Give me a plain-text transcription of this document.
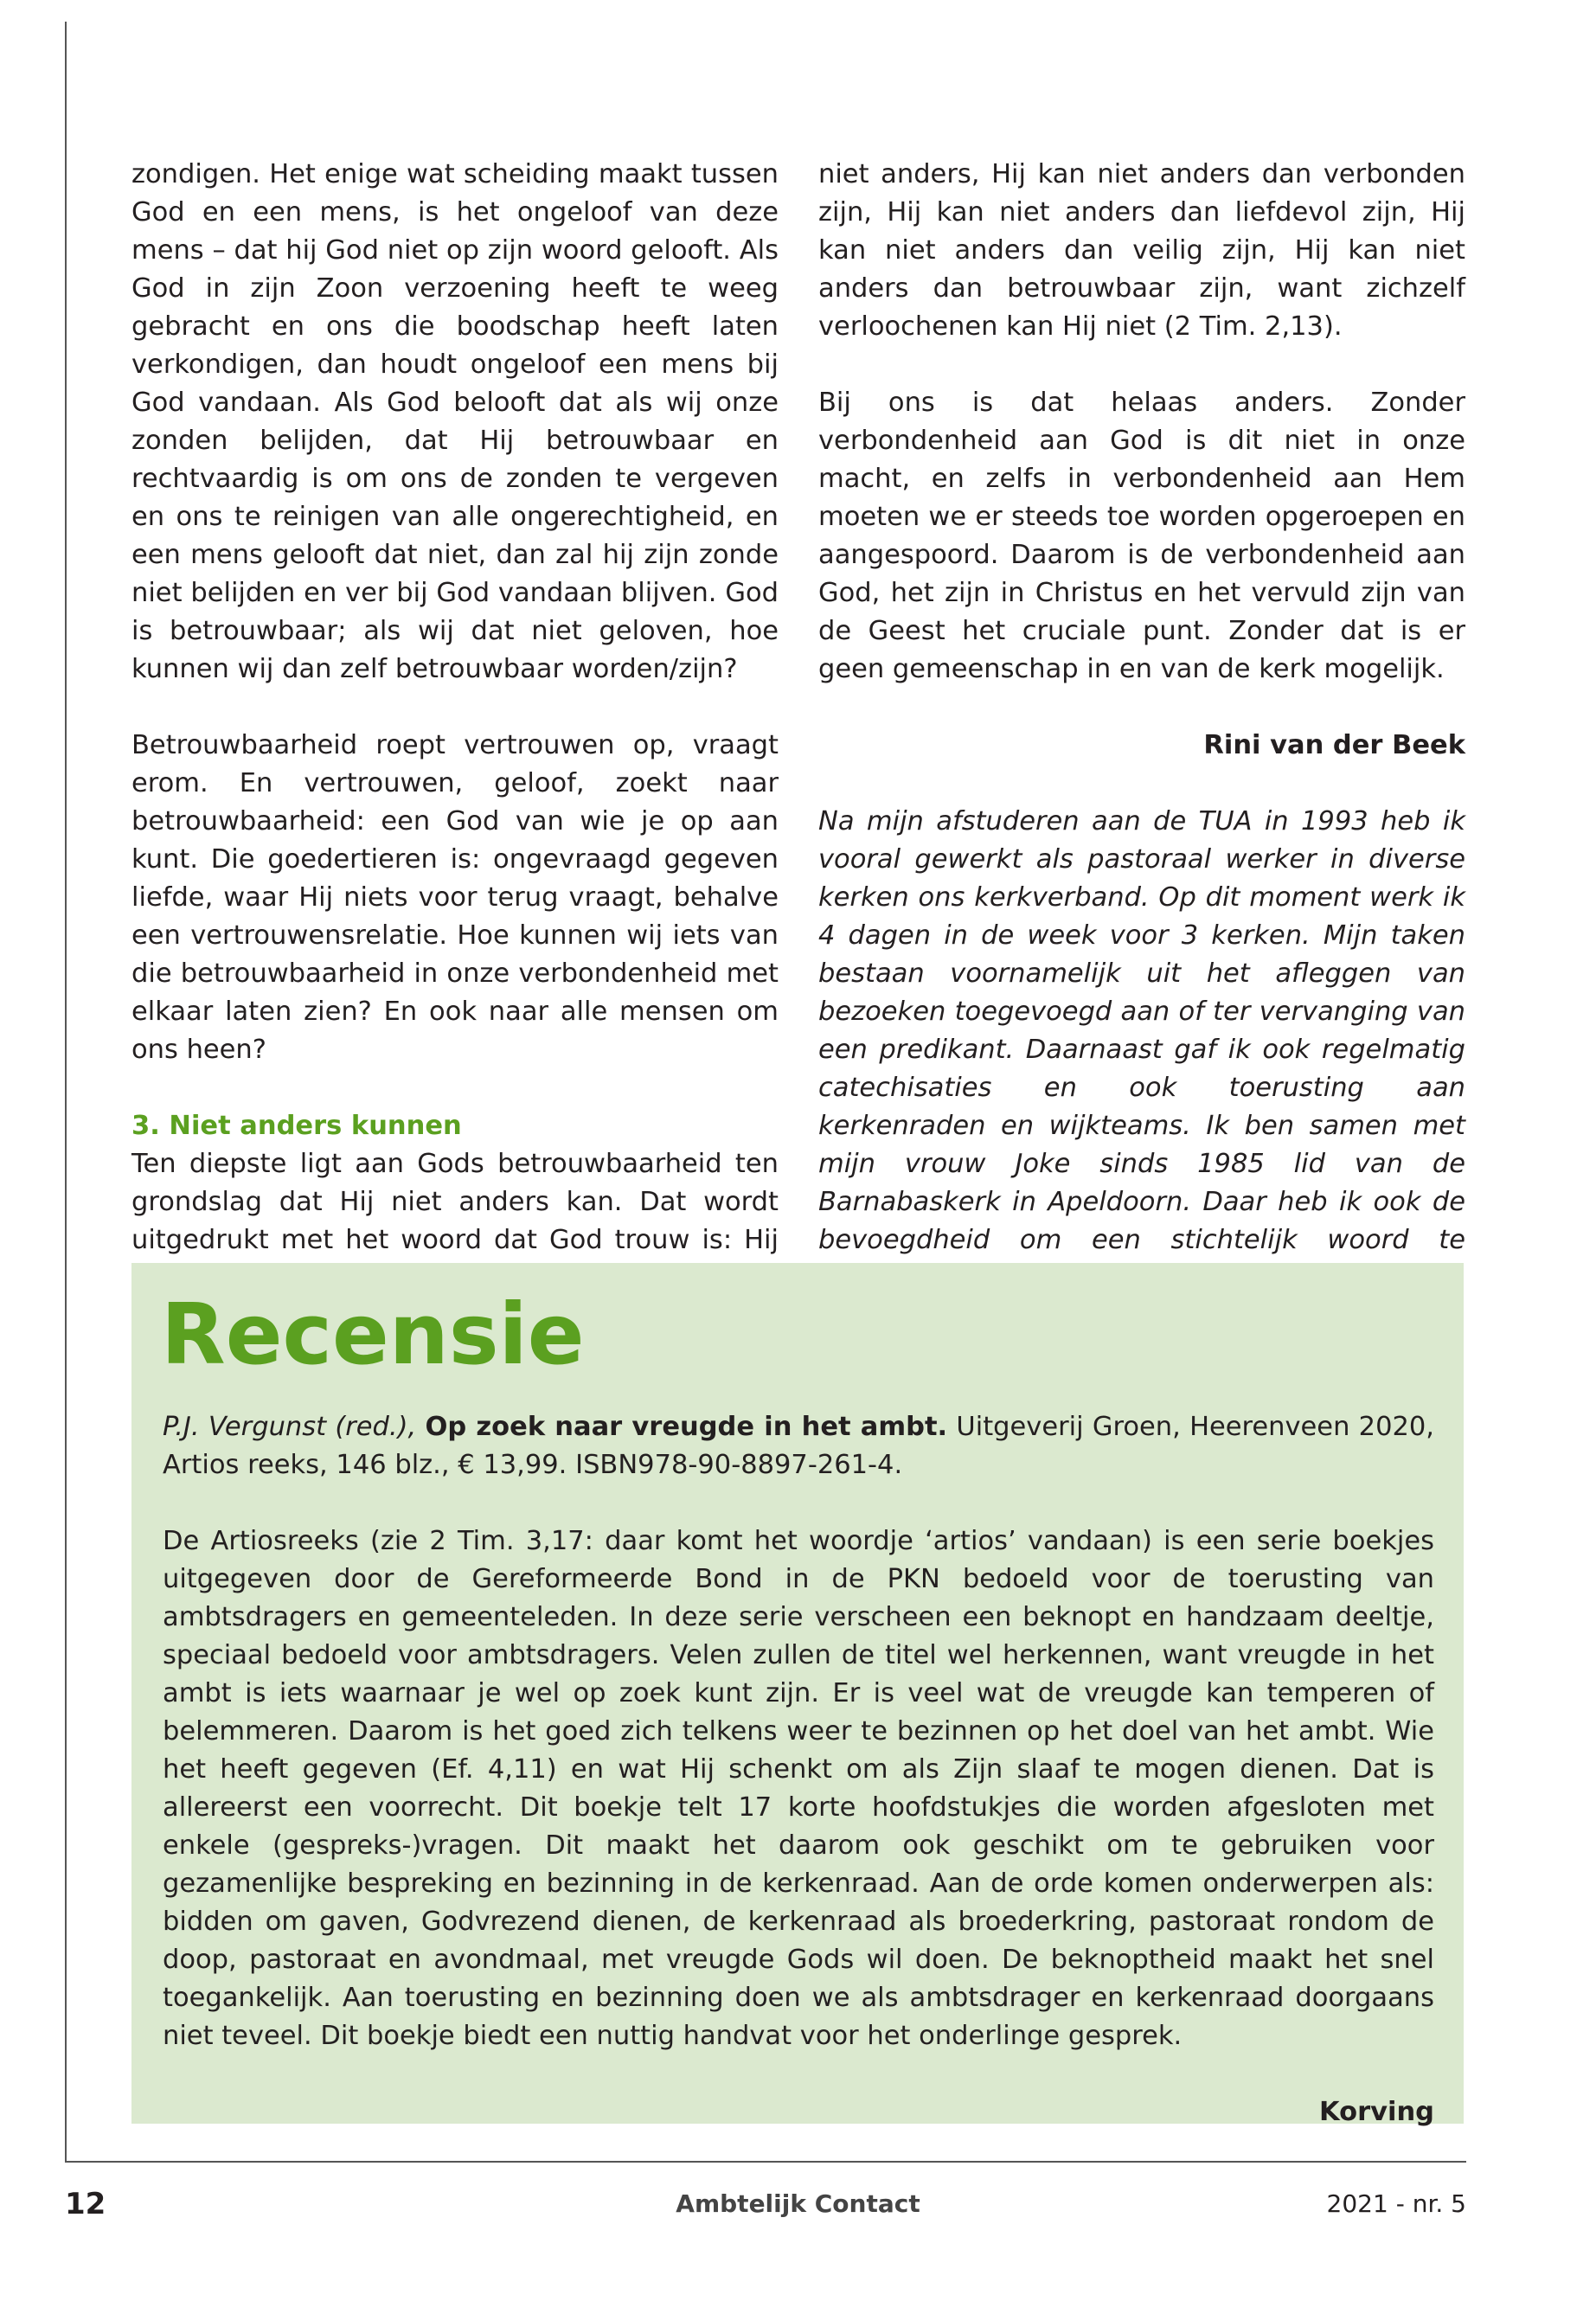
zondigen. Het enige wat scheiding maakt tussen God en een mens, is het ongeloof van deze mens – dat hij God niet op zijn woord gelooft. Als God in zijn Zoon verzoening heeft te weeg gebracht en ons die boodschap heeft laten verkondigen, dan houdt ongeloof een mens bij God vandaan. Als God belooft dat als wij onze zonden belijden, dat Hij betrouwbaar en rechtvaardig is om ons de zonden te vergeven en ons te reinigen van alle ongerechtigheid, en een mens gelooft dat niet, dan zal hij zijn zonde niet belijden en ver bij God vandaan blijven. God is betrouwbaar; als wij dat niet geloven, hoe kunnen wij dan zelf betrouwbaar worden/zijn?

Betrouwbaarheid roept vertrouwen op, vraagt erom. En vertrouwen, geloof, zoekt naar betrouwbaarheid: een God van wie je op aan kunt. Die goedertieren is: ongevraagd gegeven liefde, waar Hij niets voor terug vraagt, behalve een vertrouwensrelatie. Hoe kunnen wij iets van die betrouwbaarheid in onze verbondenheid met elkaar laten zien? En ook naar alle mensen om ons heen?

3. Niet anders kunnen

Ten diepste ligt aan Gods betrouwbaarheid ten grondslag dat Hij niet anders kan. Dat wordt uitgedrukt met het woord dat God trouw is: Hij

niet anders, Hij kan niet anders dan verbonden zijn, Hij kan niet anders dan liefdevol zijn, Hij kan niet anders dan veilig zijn, Hij kan niet anders dan betrouwbaar zijn, want zichzelf verloochenen kan Hij niet (2 Tim. 2,13).

Bij ons is dat helaas anders. Zonder verbondenheid aan God is dit niet in onze macht, en zelfs in verbondenheid aan Hem moeten we er steeds toe worden opgeroepen en aangespoord. Daarom is de verbondenheid aan God, het zijn in Christus en het vervuld zijn van de Geest het cruciale punt. Zonder dat is er geen gemeenschap in en van de kerk mogelijk.

Rini van der Beek

Na mijn afstuderen aan de TUA in 1993 heb ik vooral gewerkt als pastoraal werker in diverse kerken ons kerkverband. Op dit moment werk ik 4 dagen in de week voor 3 kerken. Mijn taken bestaan voornamelijk uit het afleggen van bezoeken toegevoegd aan of ter vervanging van een predikant. Daarnaast gaf ik ook regelmatig catechisaties en ook toerusting aan kerkenraden en wijkteams. Ik ben samen met mijn vrouw Joke sinds 1985 lid van de Barnabaskerk in Apeldoorn. Daar heb ik ook de bevoegdheid om een stichtelijk woord te

Recensie

P.J. Vergunst (red.), Op zoek naar vreugde in het ambt. Uitgeverij Groen, Heerenveen 2020, Artios reeks, 146 blz., € 13,99. ISBN978-90-8897-261-4.

De Artiosreeks (zie 2 Tim. 3,17: daar komt het woordje ‘artios’ vandaan) is een serie boekjes uitgegeven door de Gereformeerde Bond in de PKN bedoeld voor de toerusting van ambtsdragers en gemeenteleden. In deze serie verscheen een beknopt en handzaam deeltje, speciaal bedoeld voor ambtsdragers. Velen zullen de titel wel herkennen, want vreugde in het ambt is iets waarnaar je wel op zoek kunt zijn. Er is veel wat de vreugde kan temperen of belemmeren. Daarom is het goed zich telkens weer te bezinnen op het doel van het ambt. Wie het heeft gegeven (Ef. 4,11) en wat Hij schenkt om als Zijn slaaf te mogen dienen. Dat is allereerst een voorrecht. Dit boekje telt 17 korte hoofdstukjes die worden afgesloten met enkele (gespreks-)vragen. Dit maakt het daarom ook geschikt om te gebruiken voor gezamenlijke bespreking en bezinning in de kerkenraad. Aan de orde komen onderwerpen als: bidden om gaven, Godvrezend dienen, de kerkenraad als broederkring, pastoraat rondom de doop, pastoraat en avondmaal, met vreugde Gods wil doen. De beknoptheid maakt het snel toegankelijk. Aan toerusting en bezinning doen we als ambtsdrager en kerkenraad doorgaans niet teveel. Dit boekje biedt een nuttig handvat voor het onderlinge gesprek.

Korving
12	Ambtelijk Contact	2021 - nr. 5
